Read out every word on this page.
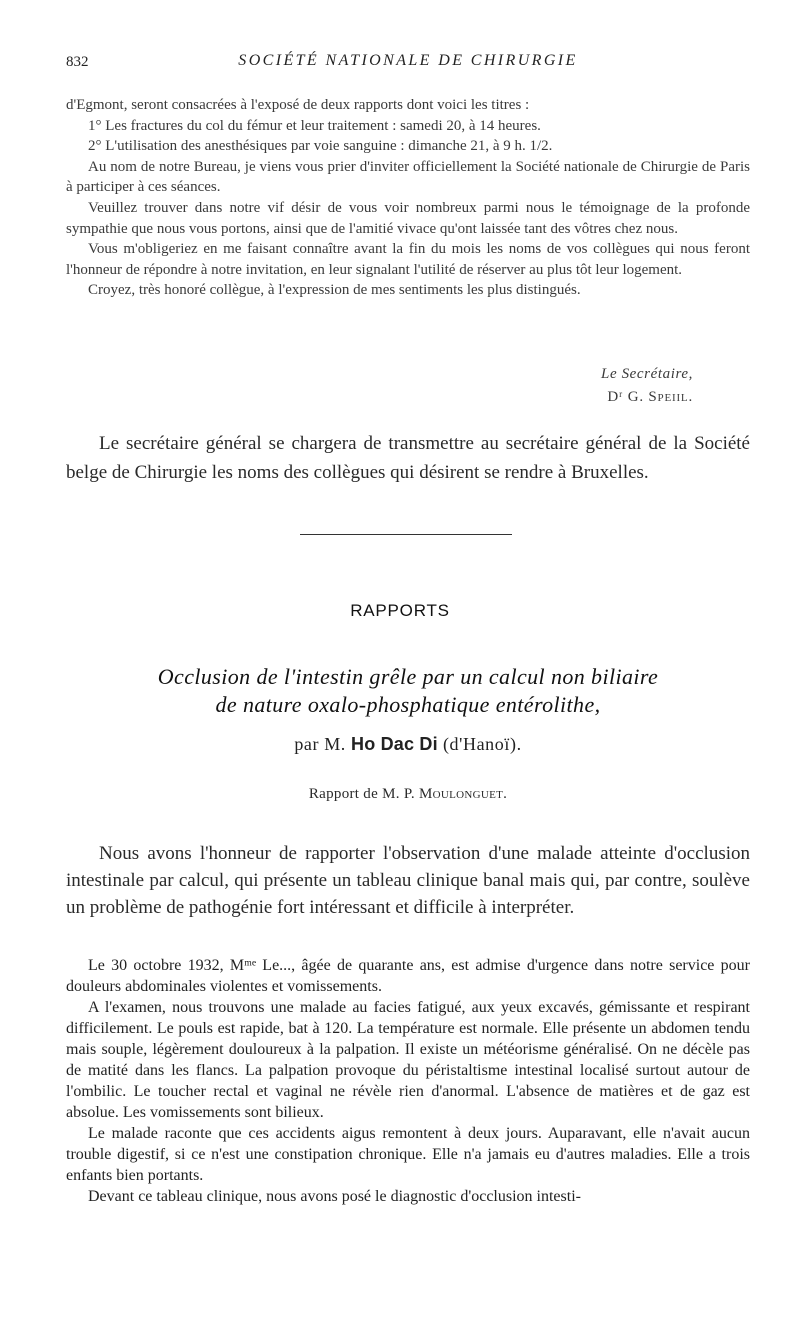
832	SOCIÉTÉ NATIONALE DE CHIRURGIE

d'Egmont, seront consacrées à l'exposé de deux rapports dont voici les titres :

1° Les fractures du col du fémur et leur traitement : samedi 20, à 14 heures.

2° L'utilisation des anesthésiques par voie sanguine : dimanche 21, à 9 h. 1/2.

Au nom de notre Bureau, je viens vous prier d'inviter officiellement la Société nationale de Chirurgie de Paris à participer à ces séances.

Veuillez trouver dans notre vif désir de vous voir nombreux parmi nous le témoignage de la profonde sympathie que nous vous portons, ainsi que de l'amitié vivace qu'ont laissée tant des vôtres chez nous.

Vous m'obligeriez en me faisant connaître avant la fin du mois les noms de vos collègues qui nous feront l'honneur de répondre à notre invitation, en leur signalant l'utilité de réserver au plus tôt leur logement.

Croyez, très honoré collègue, à l'expression de mes sentiments les plus distingués.

Le Secrétaire,
Dʳ G. Speiil.

Le secrétaire général se chargera de transmettre au secrétaire général de la Société belge de Chirurgie les noms des collègues qui désirent se rendre à Bruxelles.

RAPPORTS
Occlusion de l'intestin grêle par un calcul non biliaire
de nature oxalo-phosphatique entérolithe,
par M. Ho Dac Di (d'Hanoï).
Rapport de M. P. Moulonguet.

Nous avons l'honneur de rapporter l'observation d'une malade atteinte d'occlusion intestinale par calcul, qui présente un tableau clinique banal mais qui, par contre, soulève un problème de pathogénie fort intéressant et difficile à interpréter.

Le 30 octobre 1932, Mᵐᵉ Le..., âgée de quarante ans, est admise d'urgence dans notre service pour douleurs abdominales violentes et vomissements.

A l'examen, nous trouvons une malade au facies fatigué, aux yeux excavés, gémissante et respirant difficilement. Le pouls est rapide, bat à 120. La température est normale. Elle présente un abdomen tendu mais souple, légèrement douloureux à la palpation. Il existe un météorisme généralisé. On ne décèle pas de matité dans les flancs. La palpation provoque du péristaltisme intestinal localisé surtout autour de l'ombilic. Le toucher rectal et vaginal ne révèle rien d'anormal. L'absence de matières et de gaz est absolue. Les vomissements sont bilieux.

Le malade raconte que ces accidents aigus remontent à deux jours. Auparavant, elle n'avait aucun trouble digestif, si ce n'est une constipation chronique. Elle n'a jamais eu d'autres maladies. Elle a trois enfants bien portants.

Devant ce tableau clinique, nous avons posé le diagnostic d'occlusion intesti-
